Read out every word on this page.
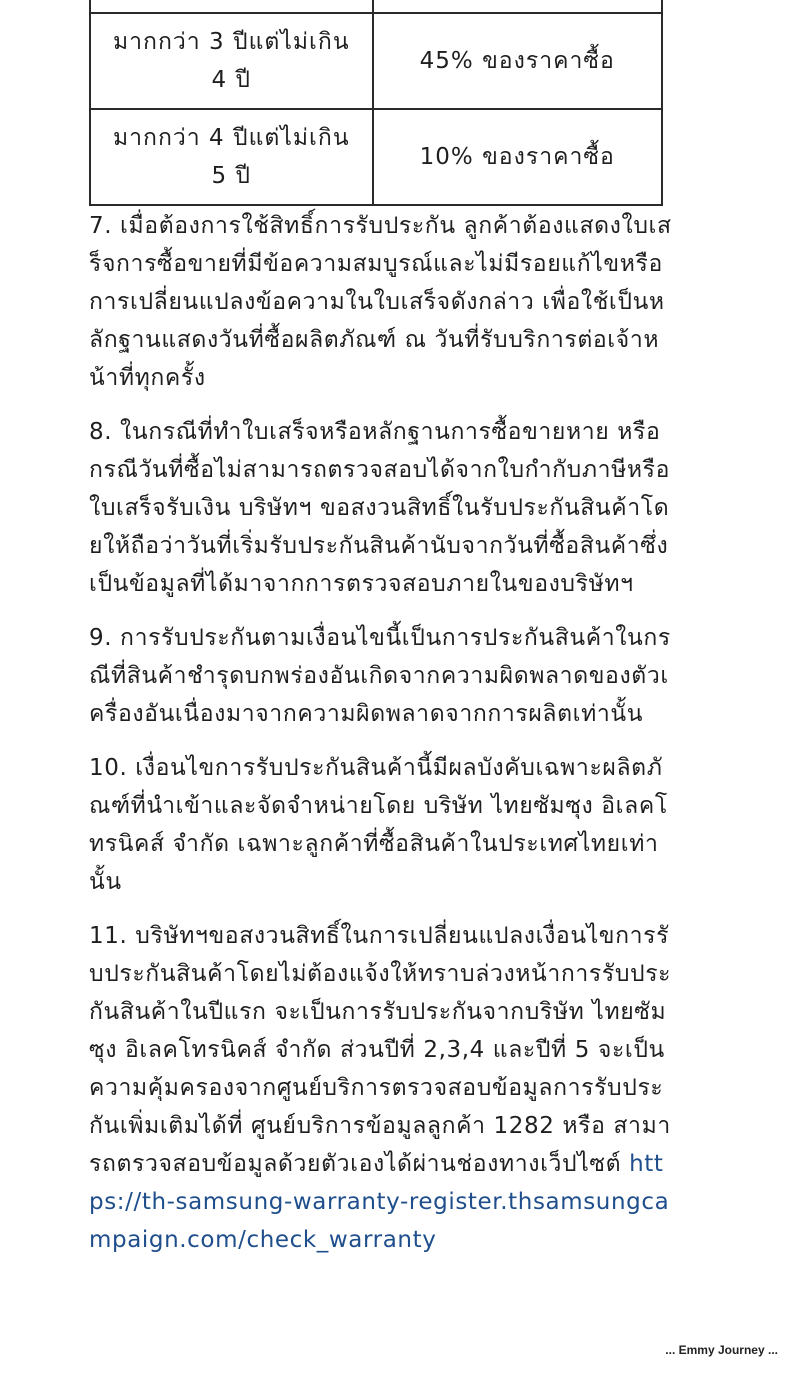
มากกว่า 3 ปีแต่ไม่เกิน 4 ปี	45% ของราคาซื้อ
มากกว่า 4 ปีแต่ไม่เกิน 5 ปี	10% ของราคาซื้อ

7. เมื่อต้องการใช้สิทธิ์การรับประกัน ลูกค้าต้องแสดงใบเสร็จการซื้อขายที่มีข้อความสมบูรณ์และไม่มีรอยแก้ไขหรือการเปลี่ยนแปลงข้อความในใบเสร็จดังกล่าว เพื่อใช้เป็นหลักฐานแสดงวันที่ซื้อผลิตภัณฑ์ ณ วันที่รับบริการต่อเจ้าหน้าที่ทุกครั้ง

8. ในกรณีที่ทำใบเสร็จหรือหลักฐานการซื้อขายหาย หรือ กรณีวันที่ซื้อไม่สามารถตรวจสอบได้จากใบกำกับภาษีหรือใบเสร็จรับเงิน บริษัทฯ ขอสงวนสิทธิ์ในรับประกันสินค้าโดยให้ถือว่าวันที่เริ่มรับประกันสินค้านับจากวันที่ซื้อสินค้าซึ่งเป็นข้อมูลที่ได้มาจากการตรวจสอบภายในของบริษัทฯ

9. การรับประกันตามเงื่อนไขนี้เป็นการประกันสินค้าในกรณีที่สินค้าชำรุดบกพร่องอันเกิดจากความผิดพลาดของตัวเครื่องอันเนื่องมาจากความผิดพลาดจากการผลิตเท่านั้น

10. เงื่อนไขการรับประกันสินค้านี้มีผลบังคับเฉพาะผลิตภัณฑ์ที่นำเข้าและจัดจำหน่ายโดย บริษัท ไทยซัมซุง อิเลคโทรนิคส์ จำกัด เฉพาะลูกค้าที่ซื้อสินค้าในประเทศไทยเท่านั้น

11. บริษัทฯขอสงวนสิทธิ์ในการเปลี่ยนแปลงเงื่อนไขการรับประกันสินค้าโดยไม่ต้องแจ้งให้ทราบล่วงหน้าการรับประกันสินค้าในปีแรก จะเป็นการรับประกันจากบริษัท ไทยซัมซุง อิเลคโทรนิคส์ จำกัด ส่วนปีที่ 2,3,4 และปีที่ 5 จะเป็นความคุ้มครองจากศูนย์บริการตรวจสอบข้อมูลการรับประกันเพิ่มเติมได้ที่ ศูนย์บริการข้อมูลลูกค้า 1282 หรือ สามารถตรวจสอบข้อมูลด้วยตัวเองได้ผ่านช่องทางเว็ปไซต์ https://th-samsung-warranty-register.thsamsungcampaign.com/check_warranty

... Emmy Journey ...
